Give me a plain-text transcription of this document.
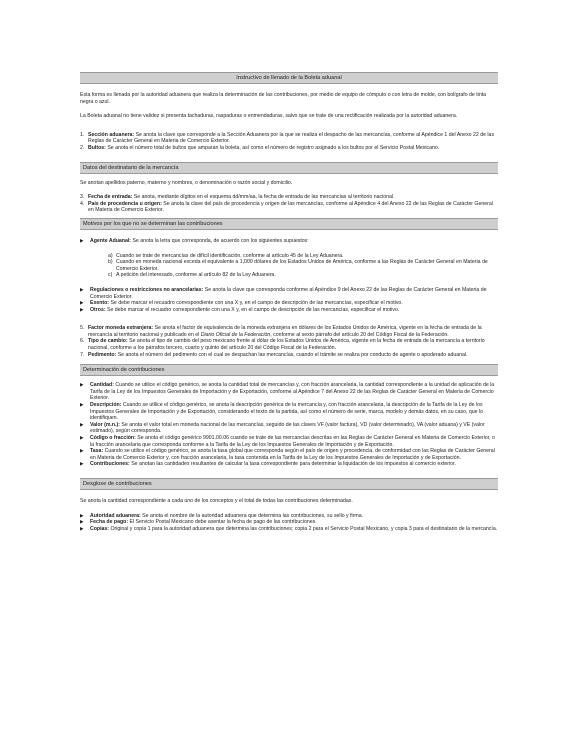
Instructivo de llenado de la Boleta aduanal

Esta forma es llenada por la autoridad aduanera que realiza la determinación de las contribuciones, por medio de equipo de cómputo o con letra de molde, con bolígrafo de tinta negra o azul.

La Boleta aduanal no tiene validez si presenta tachaduras, raspaduras o enmendaduras, salvo que se trate de una rectificación realizada por la autoridad aduanera.

1. Sección aduanera: Se anota la clave que corresponde a la Sección Aduanera por la que se realiza el despacho de las mercancías, conforme al Apéndice 1 del Anexo 22 de las Reglas de Carácter General en Materia de Comercio Exterior.
2. Bultos: Se anota el número total de bultos que amparan la boleta, así como el número de registro asignado a los bultos por el Servicio Postal Mexicano.
Datos del destinatario de la mercancía

Se anotan apellidos paterno, materno y nombres, o denominación o razón social y domicilio.

3. Fecha de entrada: Se anota, mediante dígitos en el esquema dd/mm/aa, la fecha de entrada de las mercancías al territorio nacional.
4. País de procedencia u origen: Se anota la clave del país de procedencia y origen de las mercancías, conforme al Apéndice 4 del Anexo 22 de las Reglas de Carácter General en Materia de Comercio Exterior.
Motivos por los que no se determinan las contribuciones
▶	Agente Aduanal: Se anota la letra que corresponda, de acuerdo con los siguientes supuestos:
a) Cuando se trate de mercancías de difícil identificación, conforme al artículo 45 de la Ley Aduanera.
b) Cuando en moneda nacional exceda el equivalente a 1,000 dólares de los Estados Unidos de América, conforme a las Reglas de Carácter General en Materia de Comercio Exterior.
c) A petición del interesado, conforme al artículo 82 de la Ley Aduanera.
▶	Regulaciones o restricciones no arancelarias: Se anota la clave que corresponda conforme al Apéndice 9 del Anexo 22 de las Reglas de Carácter General en Materia de Comercio Exterior.
▶	Exento: Se debe marcar el recuadro correspondiente con una X y, en el campo de descripción de las mercancías, especificar el motivo.
▶	Otros: Se debe marcar el recuadro correspondiente con una X y, en el campo de descripción de las mercancías, especificar el motivo.
5. Factor moneda extranjera: Se anota el factor de equivalencia de la moneda extranjera en dólares de los Estados Unidos de América, vigente en la fecha de entrada de la mercancía al territorio nacional y publicado en el Diario Oficial de la Federación, conforme al sexto párrafo del artículo 20 del Código Fiscal de la Federación.
6. Tipo de cambio: Se anota el tipo de cambio del peso mexicano frente al dólar de los Estados Unidos de América, vigente en la fecha de entrada de la mercancía a territorio nacional, conforme a los párrafos tercero, cuarto y quinto del artículo 20 del Código Fiscal de la Federación.
7. Pedimento: Se anota el número del pedimento con el cual se despachan las mercancías, cuando el trámite se realiza por conducto de agente o apoderado aduanal.
Determinación de contribuciones
▶	Cantidad: Cuando se utilice el código genérico, se anota la cantidad total de mercancías y, con fracción arancelaria, la cantidad correspondiente a la unidad de aplicación de la Tarifa de la Ley de los Impuestos Generales de Importación y de Exportación, conforme al Apéndice 7 del Anexo 22 de las Reglas de Carácter General en Materia de Comercio Exterior.
▶	Descripción: Cuando se utilice el código genérico, se anota la descripción genérica de la mercancía y, con fracción arancelaria, la descripción de la Tarifa de la Ley de los Impuestos Generales de Importación y de Exportación, considerando el texto de la partida, así como el número de serie, marca, modelo y demás datos, en su caso, que lo identifiquen.
▶	Valor (m.n.): Se anota el valor total en moneda nacional de las mercancías, seguido de las claves VF (valor factura), VD (valor determinado), VA (valor aduana) y VE (valor estimado), según corresponda.
▶	Código o fracción: Se anota el código genérico 9901.00.06 cuando se trate de las mercancías descritas en las Reglas de Carácter General en Materia de Comercio Exterior, o la fracción arancelaria que corresponda conforme a la Tarifa de la Ley de los Impuestos Generales de Importación y de Exportación.
▶	Tasa: Cuando se utilice el código genérico, se anota la tasa global que corresponda según el país de origen y procedencia, de conformidad con las Reglas de Carácter General en Materia de Comercio Exterior y, con fracción arancelaria, la tasa contenida en la Tarifa de la Ley de los Impuestos Generales de Importación y de Exportación.
▶	Contribuciones: Se anotan las cantidades resultantes de calcular la tasa correspondiente para determinar la liquidación de los impuestos al comercio exterior.
Desglose de contribuciones

Se anota la cantidad correspondiente a cada uno de los conceptos y el total de todas las contribuciones determinadas.

▶	Autoridad aduanera: Se anota el nombre de la autoridad aduanera que determina las contribuciones, su sello y firma.
▶	Fecha de pago: El Servicio Postal Mexicano debe asentar la fecha de pago de las contribuciones.
▶	Copias: Original y copia 1 para la autoridad aduanera que determina las contribuciones; copia 2 para el Servicio Postal Mexicano, y copia 3 para el destinatario de la mercancía.
